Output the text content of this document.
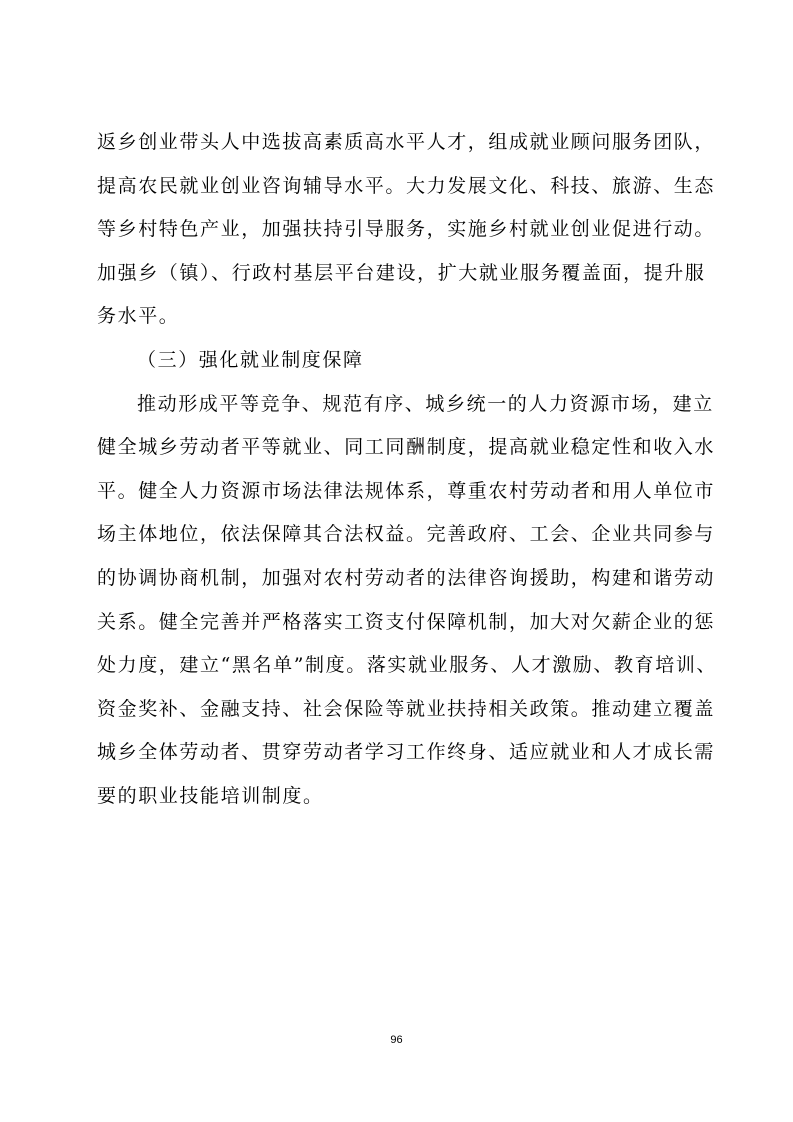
返乡创业带头人中选拔高素质高水平人才，组成就业顾问服务团队，
提高农民就业创业咨询辅导水平。大力发展文化、科技、旅游、生态
等乡村特色产业，加强扶持引导服务，实施乡村就业创业促进行动。
加强乡（镇）、行政村基层平台建设，扩大就业服务覆盖面，提升服
务水平。
（三）强化就业制度保障
推动形成平等竞争、规范有序、城乡统一的人力资源市场，建立
健全城乡劳动者平等就业、同工同酬制度，提高就业稳定性和收入水
平。健全人力资源市场法律法规体系，尊重农村劳动者和用人单位市
场主体地位，依法保障其合法权益。完善政府、工会、企业共同参与
的协调协商机制，加强对农村劳动者的法律咨询援助，构建和谐劳动
关系。健全完善并严格落实工资支付保障机制，加大对欠薪企业的惩
处力度，建立“黑名单”制度。落实就业服务、人才激励、教育培训、
资金奖补、金融支持、社会保险等就业扶持相关政策。推动建立覆盖
城乡全体劳动者、贯穿劳动者学习工作终身、适应就业和人才成长需
要的职业技能培训制度。
96
